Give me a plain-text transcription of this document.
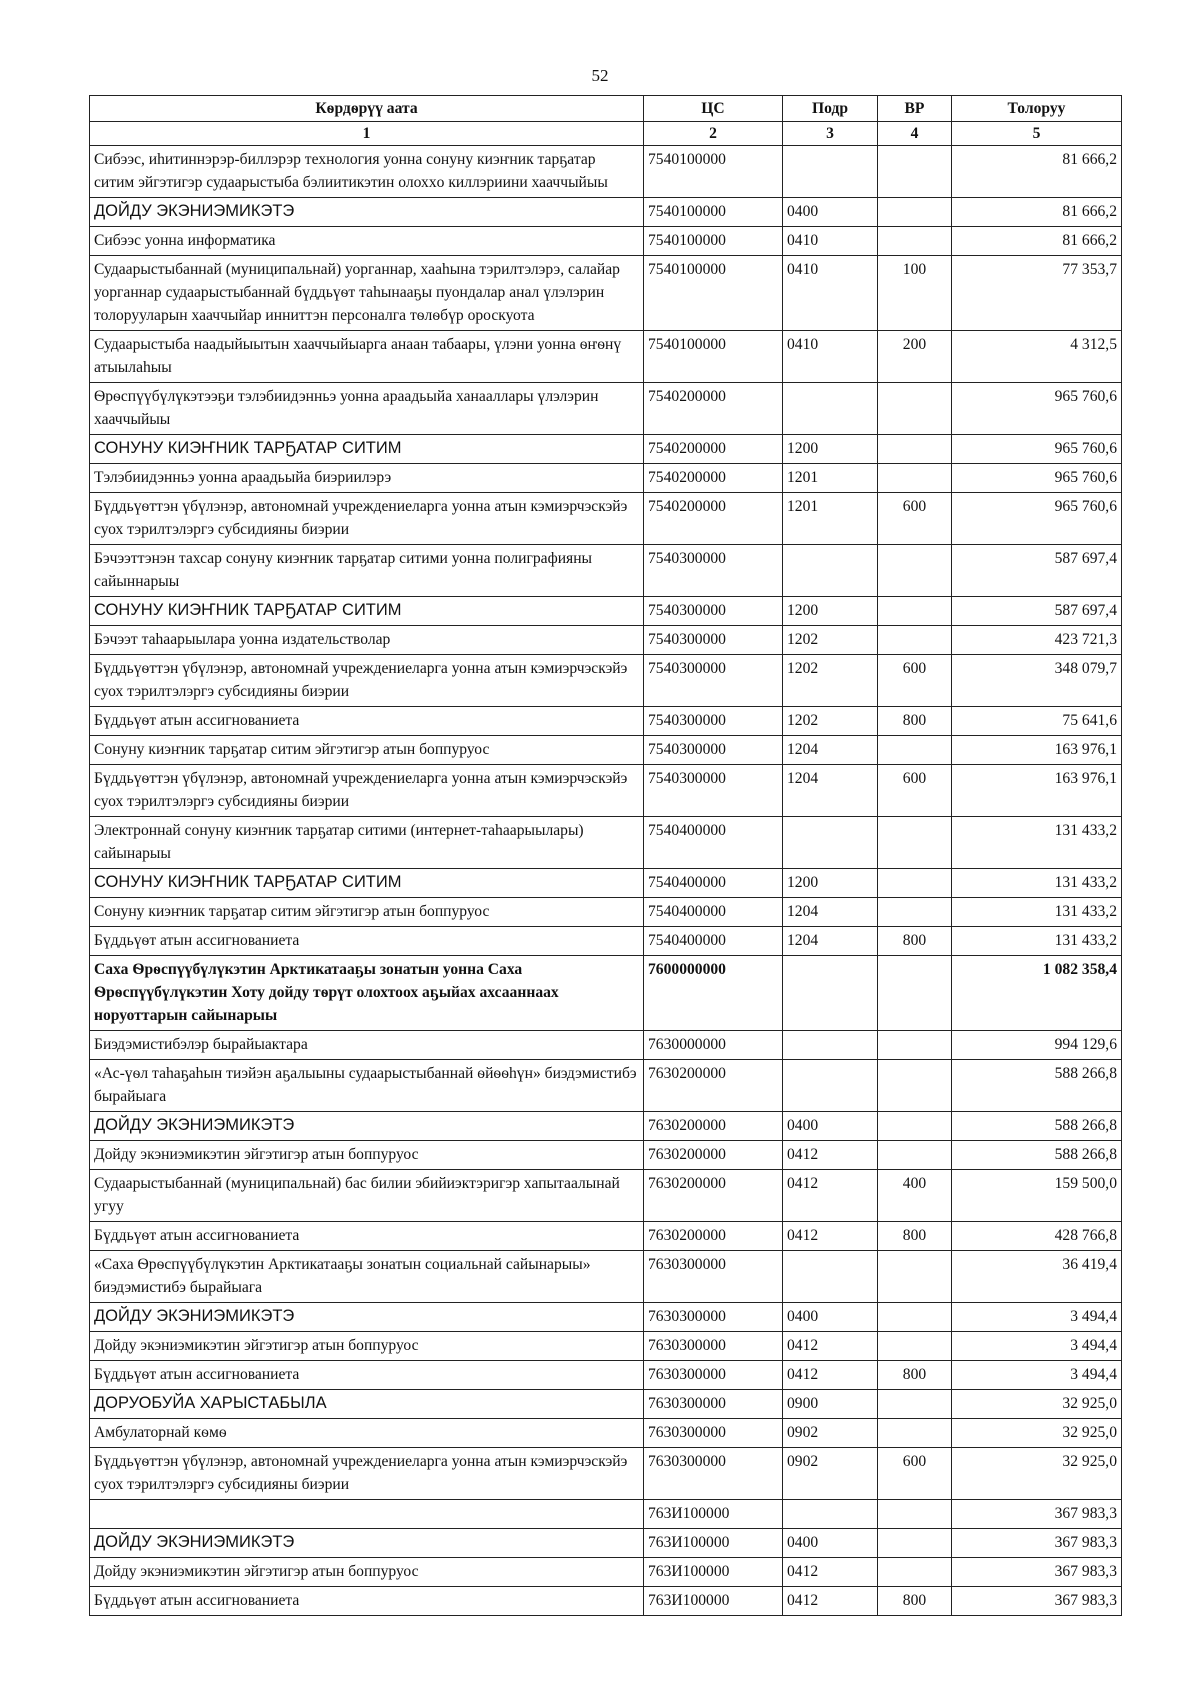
52
Кѳрдѳрүү аата	ЦС	Подр	ВР	Толоруу
1	2	3	4	5
Сибээс, иһитиннэрэр-биллэрэр технология уонна сонуну киэҥник тарҕатар ситим эйгэтигэр судаарыстыба бэлиитикэтин олохxо киллэриини хааччыйыы	7540100000			81 666,2
ДОЙДУ ЭКЭНИЭМИКЭТЭ	7540100000	0400		81 666,2
Сибээс уонна информатика	7540100000	0410		81 666,2
Судаарыстыбаннай (муниципальнай) уорганнар, хааһына тэрилтэлэрэ, салайар уорганнар судаарыстыбаннай бүддьүѳт таһынааҕы пуондалар анал үлэлэрин толорууларын хааччыйар инниттэн персоналга тѳлѳбүр ороскуота	7540100000	0410	100	77 353,7
Судаарыстыба наадыйыытын хааччыйыарга анаан табаары, үлэни уонна ѳҥѳнү атыылаһыы	7540100000	0410	200	4 312,5
Ѳрѳспүүбүлүкэтээҕи тэлэбиидэнньэ уонна араадьыйа ханааллары үлэлэрин хааччыйыы	7540200000			965 760,6
СОНУНУ КИЭҤНИК ТАРҔАТАР СИТИМ	7540200000	1200		965 760,6
Тэлэбиидэнньэ уонна араадьыйа биэриилэрэ	7540200000	1201		965 760,6
Бүддьүѳттэн үбүлэнэр, автономнай учреждениеларга уонна атын кэмиэрчэскэйэ суох тэрилтэлэргэ субсидияны биэрии	7540200000	1201	600	965 760,6
Бэчээттэнэн тахсар сонуну киэҥник тарҕатар ситими уонна полиграфияны сайыннарыы	7540300000			587 697,4
СОНУНУ КИЭҤНИК ТАРҔАТАР СИТИМ	7540300000	1200		587 697,4
Бэчээт таһаарыылара уонна издательстволар	7540300000	1202		423 721,3
Бүддьүѳттэн үбүлэнэр, автономнай учреждениеларга уонна атын кэмиэрчэскэйэ суох тэрилтэлэргэ субсидияны биэрии	7540300000	1202	600	348 079,7
Бүддьүѳт атын ассигнованиета	7540300000	1202	800	75 641,6
Сонуну киэҥник тарҕатар ситим эйгэтигэр атын боппуруос	7540300000	1204		163 976,1
Бүддьүѳттэн үбүлэнэр, автономнай учреждениеларга уонна атын кэмиэрчэскэйэ суох тэрилтэлэргэ субсидияны биэрии	7540300000	1204	600	163 976,1
Электроннай сонуну киэҥник тарҕатар ситими (интернет-таһаарыылары) сайынарыы	7540400000			131 433,2
СОНУНУ КИЭҤНИК ТАРҔАТАР СИТИМ	7540400000	1200		131 433,2
Сонуну киэҥник тарҕатар ситим эйгэтигэр атын боппуруос	7540400000	1204		131 433,2
Бүддьүѳт атын ассигнованиета	7540400000	1204	800	131 433,2
Саха Ѳрѳспүүбүлүкэтин Арктикатааҕы зонатын уонна Саха Ѳрѳспүүбүлүкэтин Хоту дойду тѳрүт олохтоох аҕыйах ахсааннаах норуоттарын сайынарыы	7600000000			1 082 358,4
Биэдэмистибэлэр бырайыактара	7630000000			994 129,6
«Ас-үѳл таһаҕаһын тиэйэн аҕалыыны судаарыстыбаннай ѳйѳѳһүн» биэдэмистибэ бырайыага	7630200000			588 266,8
ДОЙДУ ЭКЭНИЭМИКЭТЭ	7630200000	0400		588 266,8
Дойду экэниэмикэтин эйгэтигэр атын боппуруос	7630200000	0412		588 266,8
Судаарыстыбаннай (муниципальнай) бас билии эбийиэктэригэр хапытаалынай угуу	7630200000	0412	400	159 500,0
Бүддьүѳт атын ассигнованиета	7630200000	0412	800	428 766,8
«Саха Ѳрѳспүүбүлүкэтин Арктикатааҕы зонатын социальнай сайынарыы» биэдэмистибэ бырайыага	7630300000			36 419,4
ДОЙДУ ЭКЭНИЭМИКЭТЭ	7630300000	0400		3 494,4
Дойду экэниэмикэтин эйгэтигэр атын боппуруос	7630300000	0412		3 494,4
Бүддьүѳт атын ассигнованиета	7630300000	0412	800	3 494,4
ДОРУОБУЙА ХАРЫСТАБЫЛА	7630300000	0900		32 925,0
Амбулаторнай кѳмѳ	7630300000	0902		32 925,0
Бүддьүѳттэн үбүлэнэр, автономнай учреждениеларга уонна атын кэмиэрчэскэйэ суох тэрилтэлэргэ субсидияны биэрии	7630300000	0902	600	32 925,0
	763И100000			367 983,3
ДОЙДУ ЭКЭНИЭМИКЭТЭ	763И100000	0400		367 983,3
Дойду экэниэмикэтин эйгэтигэр атын боппуруос	763И100000	0412		367 983,3
Бүддьүѳт атын ассигнованиета	763И100000	0412	800	367 983,3
